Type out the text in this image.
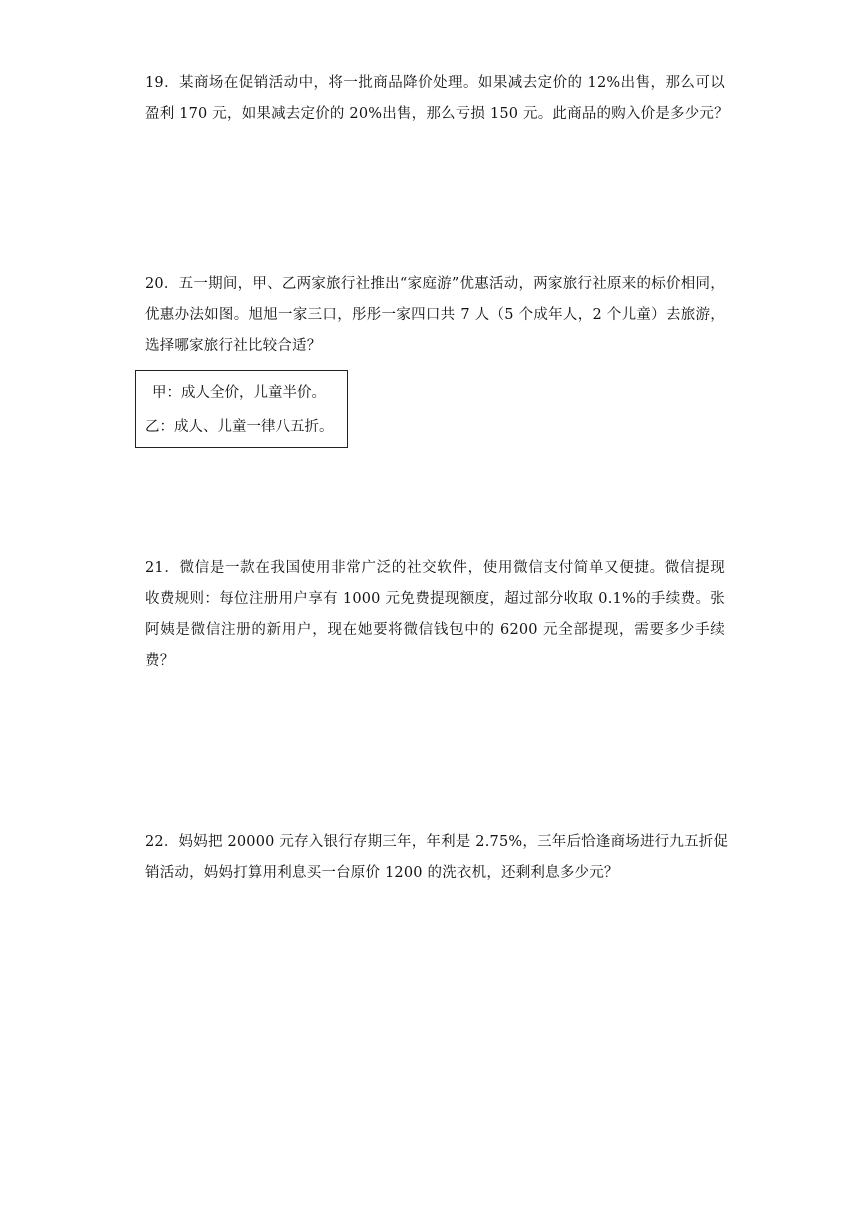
19．某商场在促销活动中，将一批商品降价处理。如果减去定价的 12%出售，那么可以
盈利 170 元，如果减去定价的 20%出售，那么亏损 150 元。此商品的购入价是多少元？
20．五一期间，甲、乙两家旅行社推出“家庭游”优惠活动，两家旅行社原来的标价相同，
优惠办法如图。旭旭一家三口，彤彤一家四口共 7 人（5 个成年人，2 个儿童）去旅游，
选择哪家旅行社比较合适？
甲：成人全价，儿童半价。
乙：成人、儿童一律八五折。
21．微信是一款在我国使用非常广泛的社交软件，使用微信支付简单又便捷。微信提现
收费规则：每位注册用户享有 1000 元免费提现额度，超过部分收取 0.1%的手续费。张
阿姨是微信注册的新用户，现在她要将微信钱包中的 6200 元全部提现，需要多少手续
费？
22．妈妈把 20000 元存入银行存期三年，年利是 2.75%，三年后恰逢商场进行九五折促
销活动，妈妈打算用利息买一台原价 1200 的洗衣机，还剩利息多少元？
